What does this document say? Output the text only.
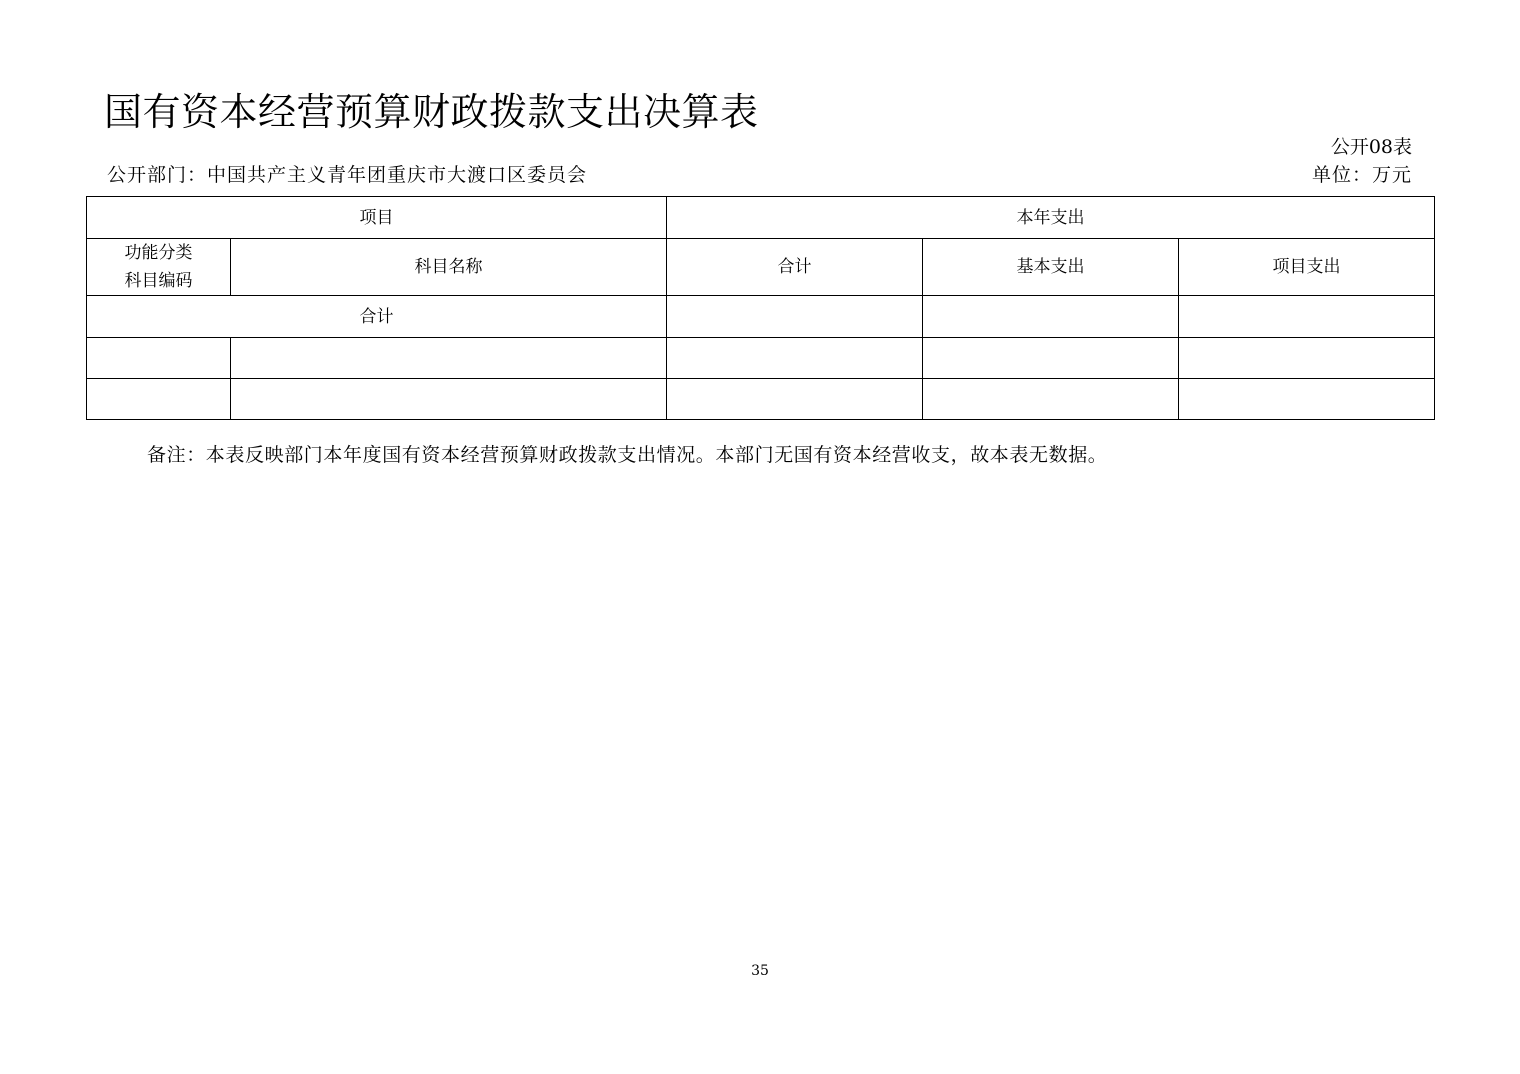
国有资本经营预算财政拨款支出决算表
公开08表
公开部门：中国共产主义青年团重庆市大渡口区委员会	单位：万元
项目		本年支出		

功能分类
科目编码	科目名称	合计	基本支出	项目支出
合计				

备注：本表反映部门本年度国有资本经营预算财政拨款支出情况。本部门无国有资本经营收支，故本表无数据。
35
